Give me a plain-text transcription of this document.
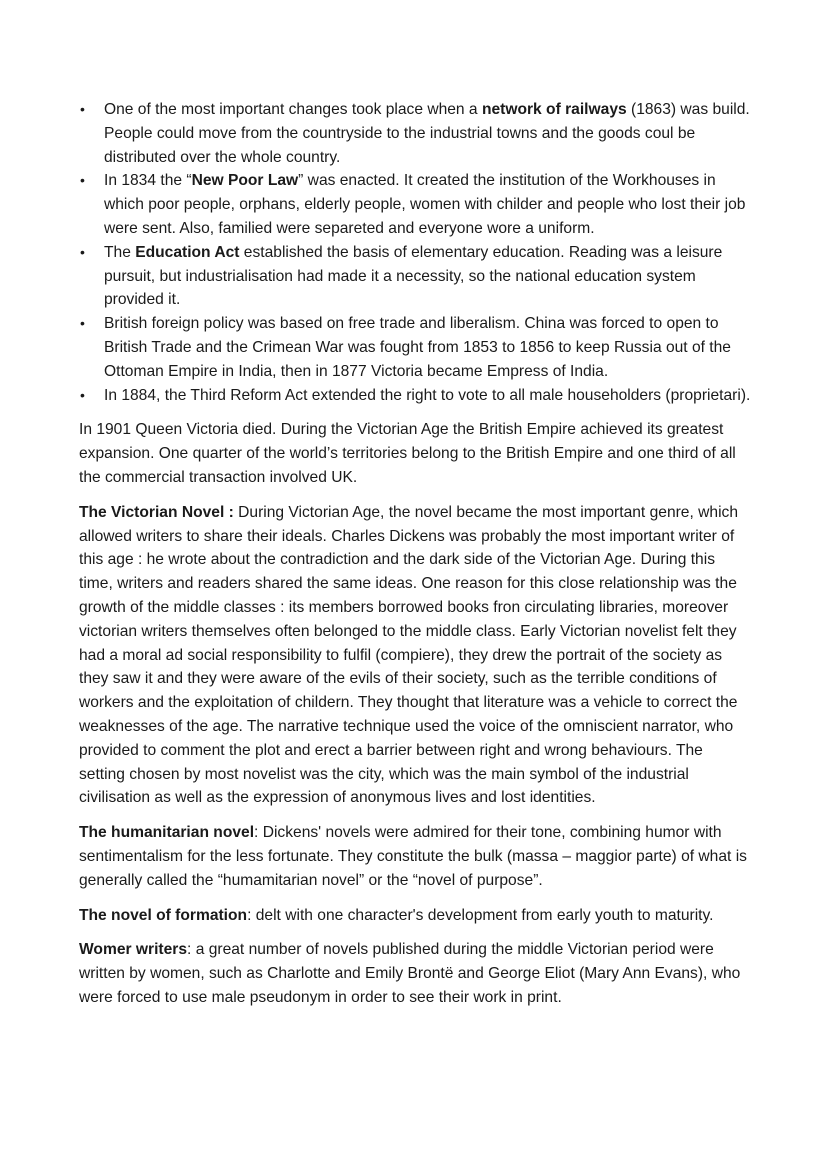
• One of the most important changes took place when a network of railways (1863) was build. People could move from the countryside to the industrial towns and the goods coul be distributed over the whole country.
• In 1834 the “New Poor Law” was enacted. It created the institution of the Workhouses in which poor people, orphans, elderly people, women with childer and people who lost their job were sent. Also, familied were separeted and everyone wore a uniform.
• The Education Act established the basis of elementary education. Reading was a leisure pursuit, but industrialisation had made it a necessity, so the national education system provided it.
• British foreign policy was based on free trade and liberalism. China was forced to open to British Trade and the Crimean War was fought from 1853 to 1856 to keep Russia out of the Ottoman Empire in India, then in 1877 Victoria became Empress of India.
• In 1884, the Third Reform Act extended the right to vote to all male householders (proprietari).

In 1901 Queen Victoria died. During the Victorian Age the British Empire achieved its greatest expansion. One quarter of the world’s territories belong to the British Empire and one third of all the commercial transaction involved UK.

The Victorian Novel : During Victorian Age, the novel became the most important genre, which allowed writers to share their ideals. Charles Dickens was probably the most important writer of this age : he wrote about the contradiction and the dark side of the Victorian Age. During this time, writers and readers shared the same ideas. One reason for this close relationship was the growth of the middle classes : its members borrowed books fron circulating libraries, moreover victorian writers themselves often belonged to the middle class. Early Victorian novelist felt they had a moral ad social responsibility to fulfil (compiere), they drew the portrait of the society as they saw it and they were aware of the evils of their society, such as the terrible conditions of workers and the exploitation of childern. They thought that literature was a vehicle to correct the weaknesses of the age. The narrative technique used the voice of the omniscient narrator, who provided to comment the plot and erect a barrier between right and wrong behaviours. The setting chosen by most novelist was the city, which was the main symbol of the industrial civilisation as well as the expression of anonymous lives and lost identities.

The humanitarian novel: Dickens' novels were admired for their tone, combining humor with sentimentalism for the less fortunate. They constitute the bulk (massa – maggior parte) of what is generally called the “humamitarian novel” or the “novel of purpose”.

The novel of formation: delt with one character's development from early youth to maturity.

Womer writers: a great number of novels published during the middle Victorian period were written by women, such as Charlotte and Emily Brontë and George Eliot (Mary Ann Evans), who were forced to use male pseudonym in order to see their work in print.
